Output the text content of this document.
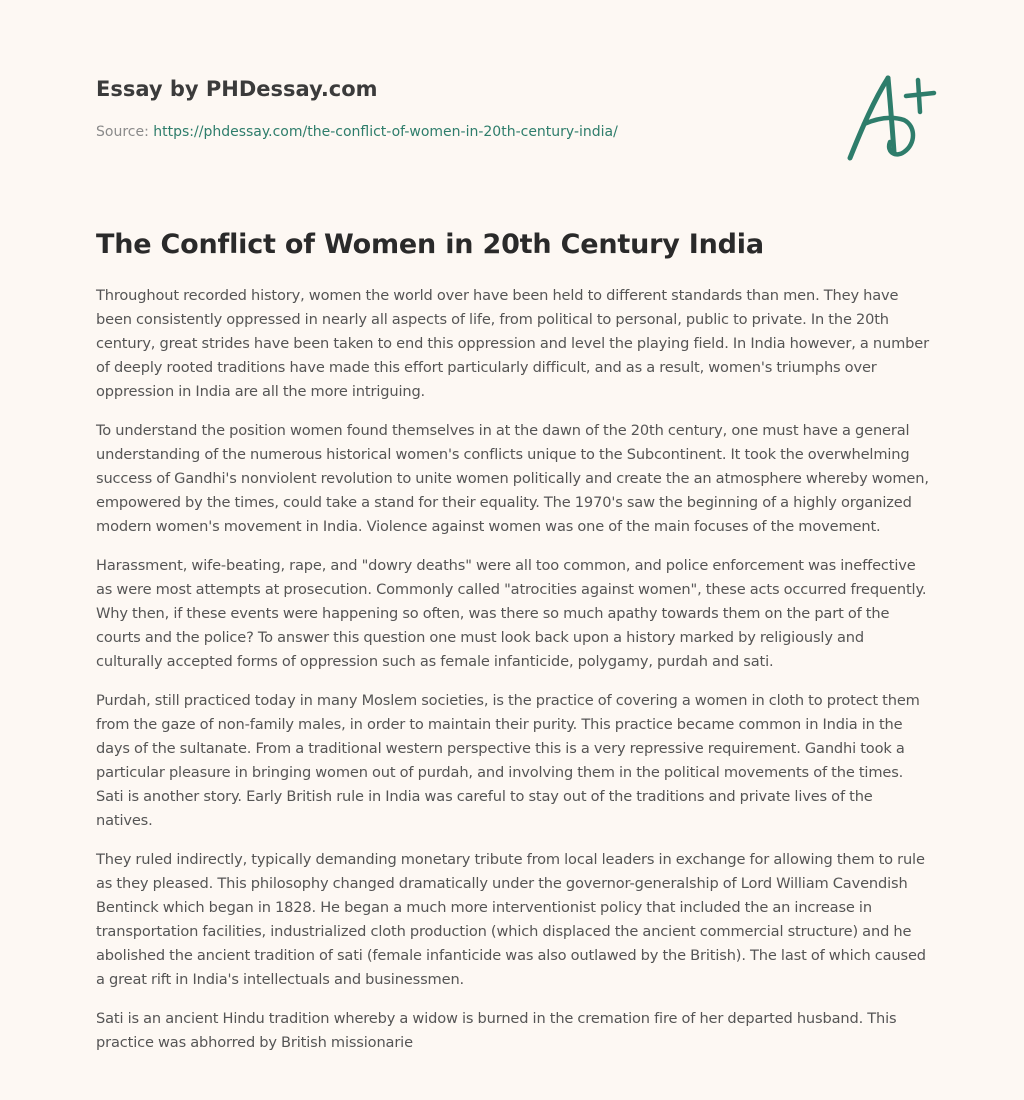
Essay by PHDessay.com
Source: https://phdessay.com/the-conflict-of-women-in-20th-century-india/
The Conflict of Women in 20th Century India

Throughout recorded history, women the world over have been held to different standards than men. They have been consistently oppressed in nearly all aspects of life, from political to personal, public to private. In the 20th century, great strides have been taken to end this oppression and level the playing field. In India however, a number of deeply rooted traditions have made this effort particularly difficult, and as a result, women's triumphs over oppression in India are all the more intriguing.

To understand the position women found themselves in at the dawn of the 20th century, one must have a general understanding of the numerous historical women's conflicts unique to the Subcontinent. It took the overwhelming success of Gandhi's nonviolent revolution to unite women politically and create the an atmosphere whereby women, empowered by the times, could take a stand for their equality. The 1970's saw the beginning of a highly organized modern women's movement in India. Violence against women was one of the main focuses of the movement.

Harassment, wife-beating, rape, and "dowry deaths" were all too common, and police enforcement was ineffective as were most attempts at prosecution. Commonly called "atrocities against women", these acts occurred frequently. Why then, if these events were happening so often, was there so much apathy towards them on the part of the courts and the police? To answer this question one must look back upon a history marked by religiously and culturally accepted forms of oppression such as female infanticide, polygamy, purdah and sati.

Purdah, still practiced today in many Moslem societies, is the practice of covering a women in cloth to protect them from the gaze of non-family males, in order to maintain their purity. This practice became common in India in the days of the sultanate. From a traditional western perspective this is a very repressive requirement. Gandhi took a particular pleasure in bringing women out of purdah, and involving them in the political movements of the times. Sati is another story. Early British rule in India was careful to stay out of the traditions and private lives of the natives.

They ruled indirectly, typically demanding monetary tribute from local leaders in exchange for allowing them to rule as they pleased. This philosophy changed dramatically under the governor-generalship of Lord William Cavendish Bentinck which began in 1828. He began a much more interventionist policy that included the an increase in transportation facilities, industrialized cloth production (which displaced the ancient commercial structure) and he abolished the ancient tradition of sati (female infanticide was also outlawed by the British). The last of which caused a great rift in India's intellectuals and businessmen.

Sati is an ancient Hindu tradition whereby a widow is burned in the cremation fire of her departed husband. This practice was abhorred by British missionarie
